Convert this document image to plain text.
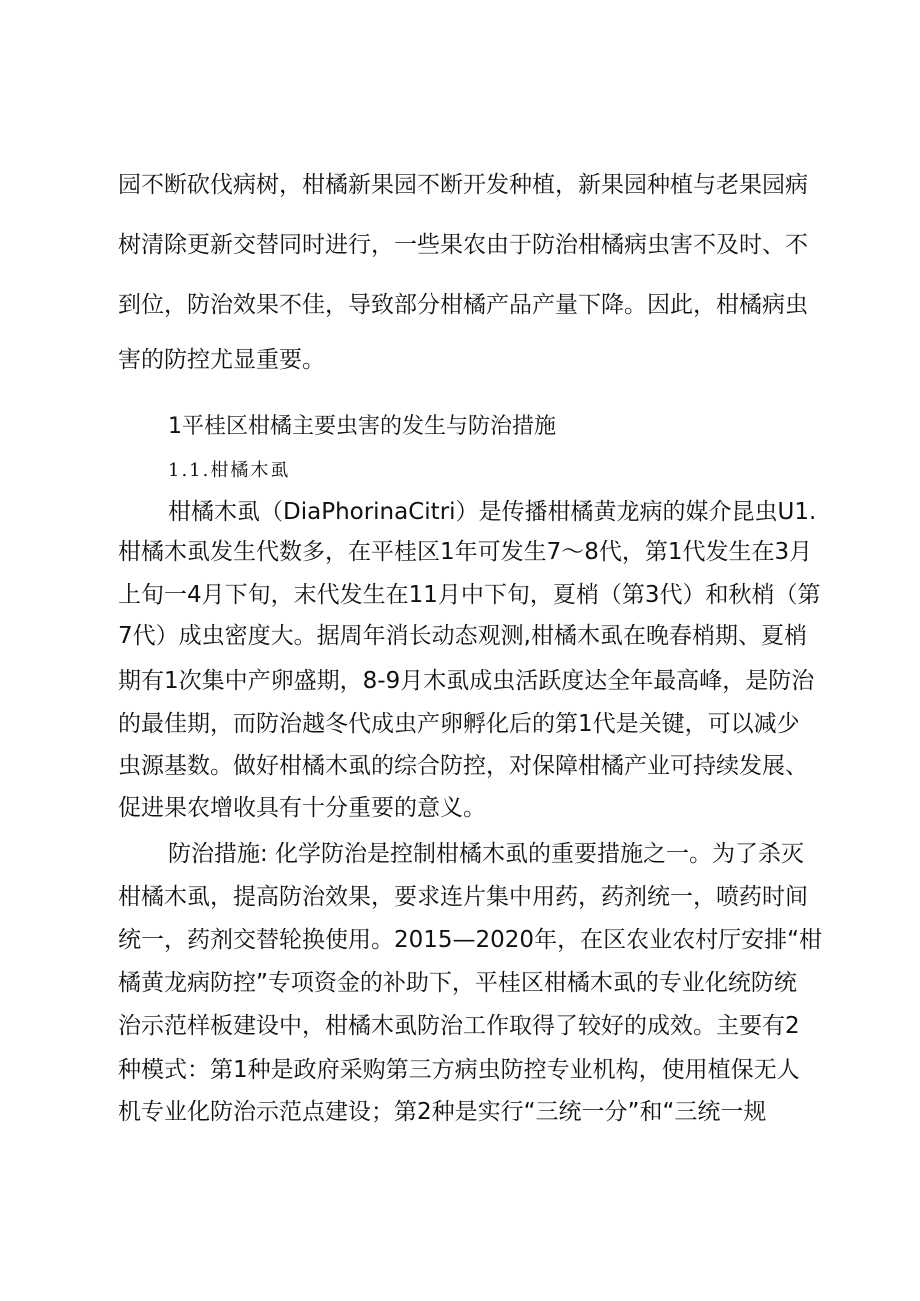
园不断砍伐病树，柑橘新果园不断开发种植，新果园种植与老果园病
树清除更新交替同时进行，一些果农由于防治柑橘病虫害不及时、不
到位，防治效果不佳，导致部分柑橘产品产量下降。因此，柑橘病虫
害的防控尤显重要。
1平桂区柑橘主要虫害的发生与防治措施
1.1.柑橘木虱
柑橘木虱（DiaPhorinaCitri）是传播柑橘黄龙病的媒介昆虫U1.
柑橘木虱发生代数多，在平桂区1年可发生7～8代，第1代发生在3月
上旬一4月下旬，末代发生在11月中下旬，夏梢（第3代）和秋梢（第
7代）成虫密度大。据周年消长动态观测,柑橘木虱在晚春梢期、夏梢
期有1次集中产卵盛期，8-9月木虱成虫活跃度达全年最高峰，是防治
的最佳期，而防治越冬代成虫产卵孵化后的第1代是关键，可以减少
虫源基数。做好柑橘木虱的综合防控，对保障柑橘产业可持续发展、
促进果农增收具有十分重要的意义。
防治措施: 化学防治是控制柑橘木虱的重要措施之一。为了杀灭
柑橘木虱，提高防治效果，要求连片集中用药，药剂统一，喷药时间
统一，药剂交替轮换使用。2015—2020年，在区农业农村厅安排“柑
橘黄龙病防控”专项资金的补助下，平桂区柑橘木虱的专业化统防统
治示范样板建设中，柑橘木虱防治工作取得了较好的成效。主要有2
种模式：第1种是政府采购第三方病虫防控专业机构，使用植保无人
机专业化防治示范点建设；第2种是实行“三统一分”和“三统一规
